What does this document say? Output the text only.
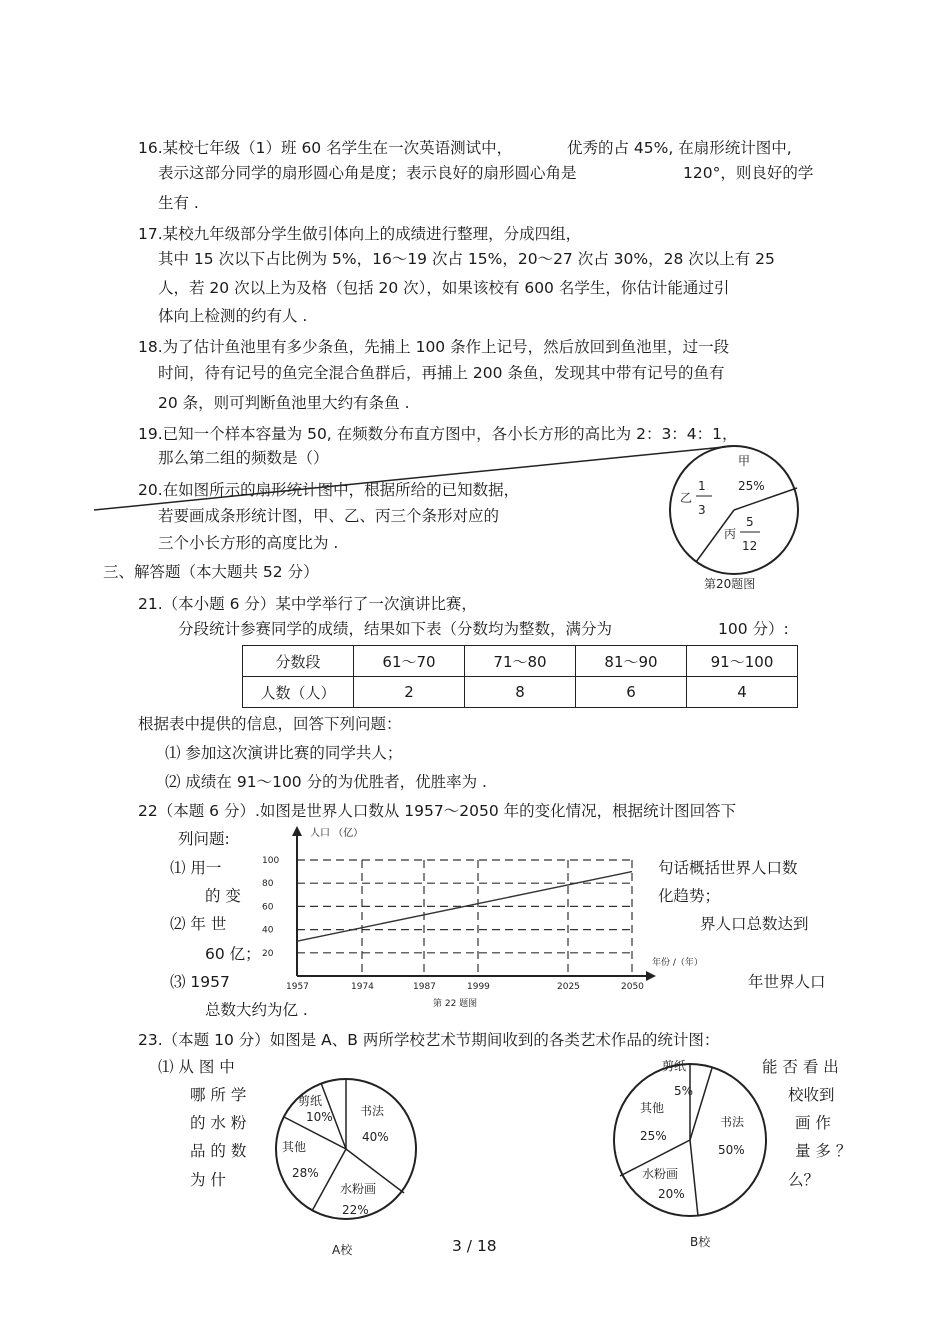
16.某校七年级（1）班 60 名学生在一次英语测试中，	优秀的占 45%, 在扇形统计图中,
表示这部分同学的扇形圆心角是度；表示良好的扇形圆心角是	120°，则良好的学
生有 .
17.某校九年级部分学生做引体向上的成绩进行整理，分成四组，
其中 15 次以下占比例为 5%，16～19 次占 15%，20～27 次占 30%，28 次以上有 25
人，若 20 次以上为及格（包括 20 次），如果该校有 600 名学生，你估计能通过引
体向上检测的约有人 .
18.为了估计鱼池里有多少条鱼，先捕上 100 条作上记号，然后放回到鱼池里，过一段
时间，待有记号的鱼完全混合鱼群后，再捕上 200 条鱼，发现其中带有记号的鱼有
20 条，则可判断鱼池里大约有条鱼 .
19.已知一个样本容量为 50, 在频数分布直方图中，各小长方形的高比为 2：3：4：1，
那么第二组的频数是（）
20.在如图所示的扇形统计图中，根据所给的已知数据，
若要画成条形统计图，甲、乙、丙三个条形对应的
三个小长方形的高度比为 .
甲
25%
乙
1
3
5
丙
12
第20题图
三、解答题（本大题共 52 分）
21.（本小题 6 分）某中学举行了一次演讲比赛，
分段统计参赛同学的成绩，结果如下表（分数均为整数，满分为	100 分）:
分数段	61～70	71～80	81～90	91～100
人数（人）	2	8	6	4
根据表中提供的信息，回答下列问题：
⑴ 参加这次演讲比赛的同学共人；
⑵ 成绩在 91～100 分的为优胜者，优胜率为 .
22（本题 6 分）.如图是世界人口数从 1957～2050 年的变化情况，根据统计图回答下
列问题:
⑴ 用一
的 变
句话概括世界人口数
化趋势；
⑵ 年 世	界人口总数达到
60 亿；
⑶ 1957	年世界人口
总数大约为亿 .
人口 （亿）
年份 /（年）
20
40
60
80
100
1957	1974	1987	1999	2025	2050
第 22 题图
23.（本题 10 分）如图是 A、B 两所学校艺术节期间收到的各类艺术作品的统计图：
⑴ 从 图 中
哪 所 学
的 水 粉
品 的 数
为 什
能 否 看 出
校收到
画 作
量 多 ？
么？
剪纸
10% 书法
40%
水粉画
22%
其他
28%
A校
剪纸
5%
书法
50%
水粉画
20%
其他
25%
B校
3 / 18
